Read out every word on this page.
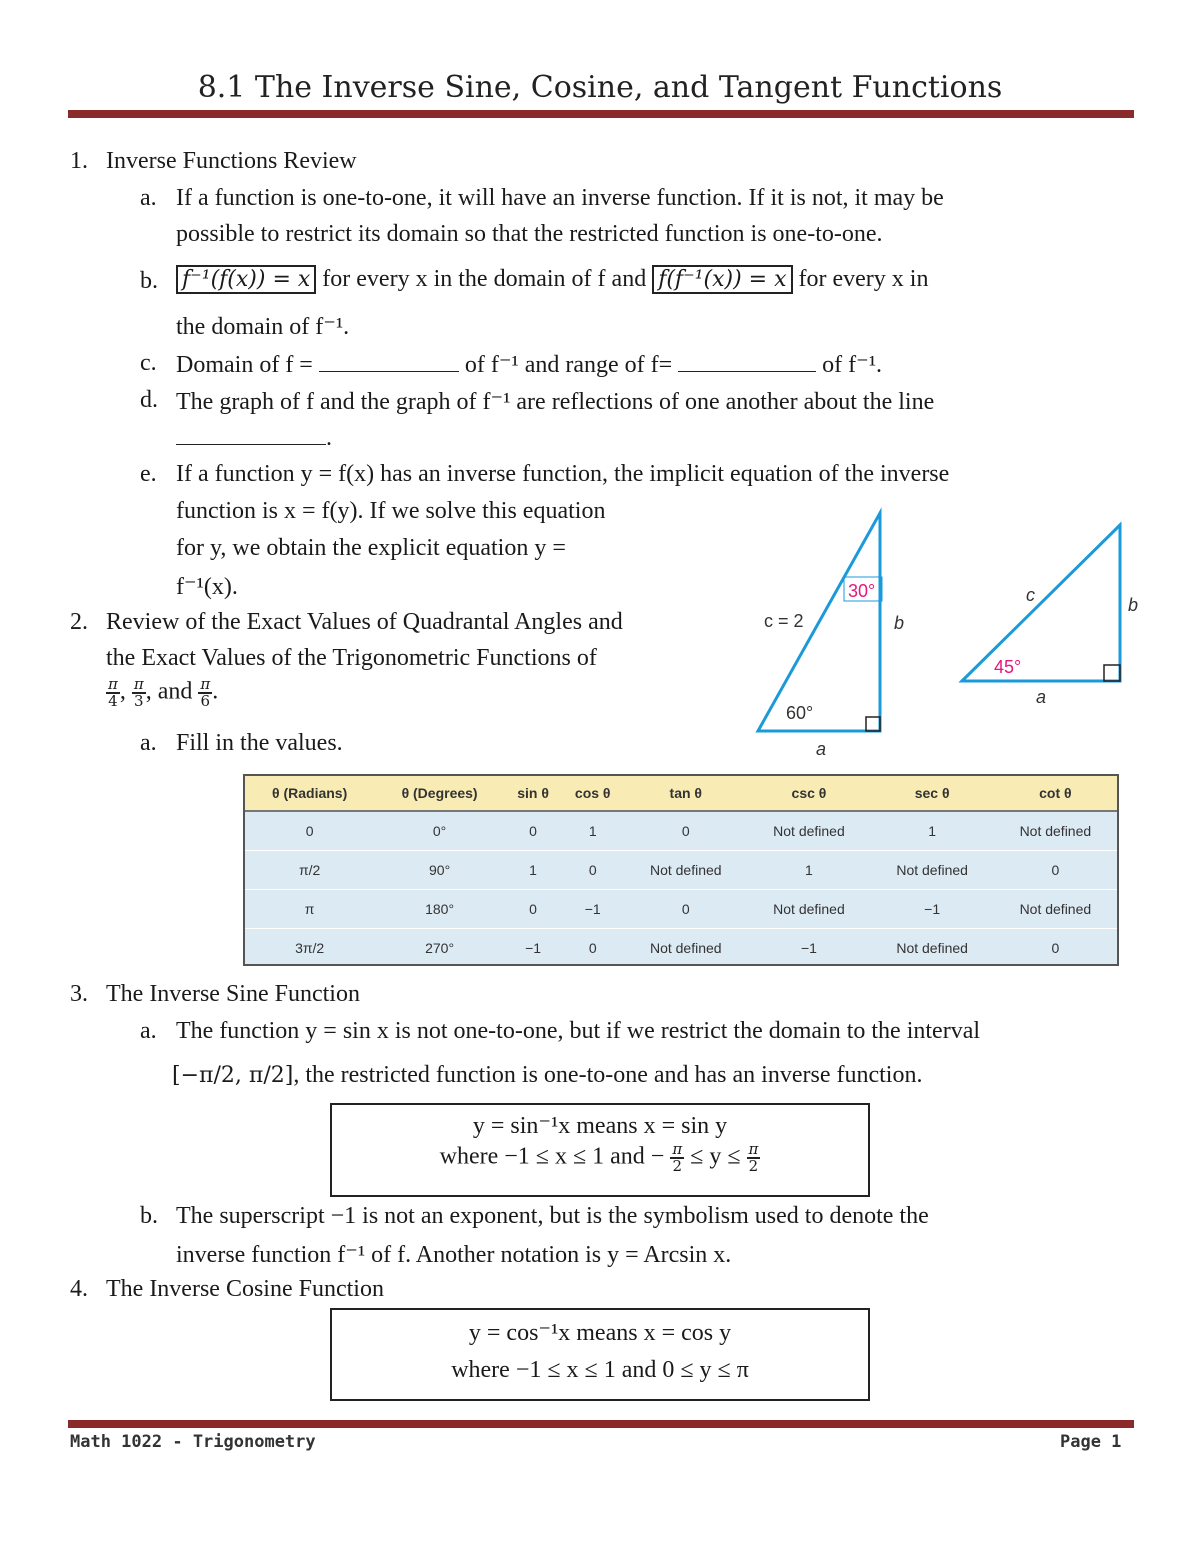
8.1 The Inverse Sine, Cosine, and Tangent Functions
1. Inverse Functions Review
a. If a function is one-to-one, it will have an inverse function. If it is not, it may be
possible to restrict its domain so that the restricted function is one-to-one.
b. f⁻¹(f(x)) = x for every x in the domain of f and f(f⁻¹(x)) = x for every x in
the domain of f⁻¹.
c. Domain of f =	of f⁻¹ and range of f=	of f⁻¹.
d. The graph of f and the graph of f⁻¹ are reflections of one another about the line
.
e. If a function y = f(x) has an inverse function, the implicit equation of the inverse
function is x = f(y). If we solve this equation
for y, we obtain the explicit equation y =
f⁻¹(x).
2. Review of the Exact Values of Quadrantal Angles and
the Exact Values of the Trigonometric Functions of
$\frac{\pi}{4}$ , $\frac{\pi}{3}$ , and $\frac{\pi}{6}$ .
a. Fill in the values.
c = 2
30°
60°
b
a
c
45°
b
a
θ (Radians)	θ (Degrees)	sin θ	cos θ	tan θ	csc θ	sec θ	cot θ
0	0°	0	1	0	Not defined	1	Not defined
π/2	90°	1	0	Not defined	1	Not defined	0
π	180°	0	−1	0	Not defined	−1	Not defined
3π/2	270°	−1	0	Not defined	−1	Not defined	0
3. The Inverse Sine Function
a. The function y = sin x is not one-to-one, but if we restrict the domain to the interval
[−π/2, π/2], the restricted function is one-to-one and has an inverse function.
y = sin⁻¹x means x = sin y
where −1 ≤ x ≤ 1 and − $\frac{\pi}{2} \le y \le \frac{\pi}{2}$
b. The superscript −1 is not an exponent, but is the symbolism used to denote the
inverse function f⁻¹ of f. Another notation is y = Arcsin x.
4. The Inverse Cosine Function
y = cos⁻¹x means x = cos y
where −1 ≤ x ≤ 1 and 0 ≤ y ≤ π
Math 1022 - Trigonometry	Page 1
